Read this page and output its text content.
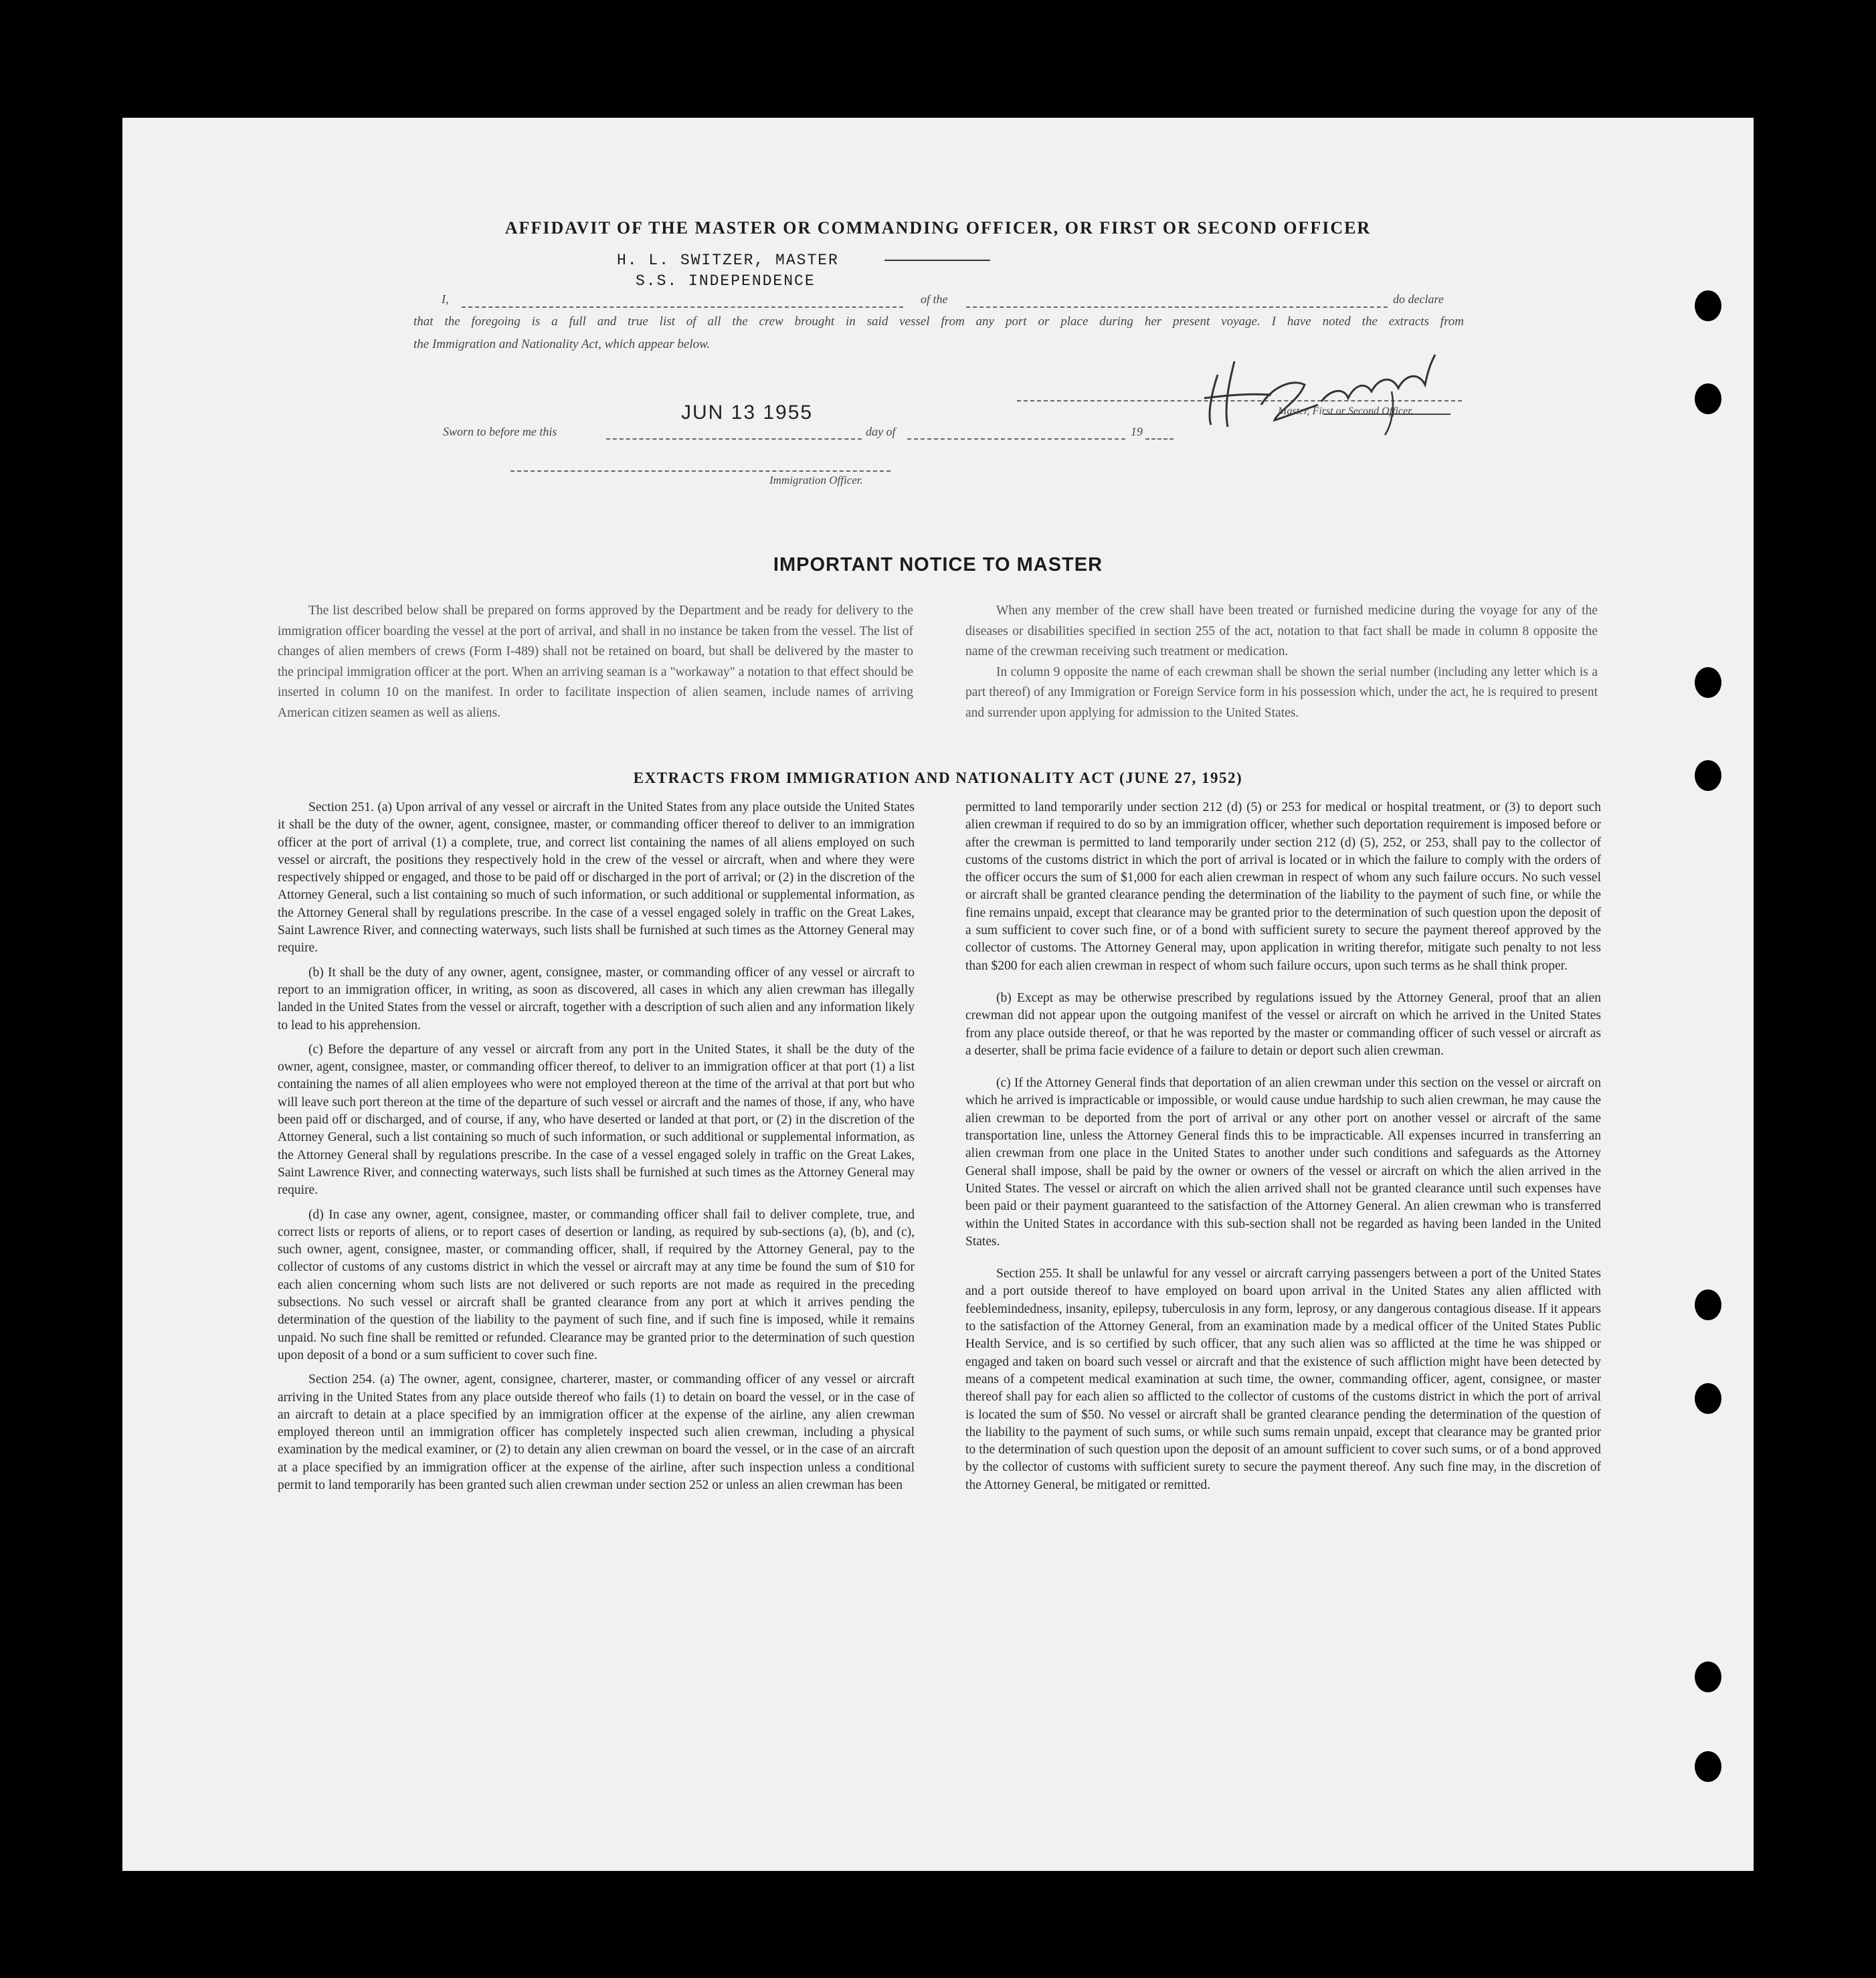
AFFIDAVIT OF THE MASTER OR COMMANDING OFFICER, OR FIRST OR SECOND OFFICER
H. L. SWITZER, MASTER
S.S. INDEPENDENCE
I,	of the	do declare
that the foregoing is a full and true list of all the crew brought in said vessel from any port or place during her present voyage. I have noted the extracts from
the Immigration and Nationality Act, which appear below.
Master, First or Second Officer.
JUN 13 1955
Sworn to before me this	day of	19
Immigration Officer.
IMPORTANT NOTICE TO MASTER

The list described below shall be prepared on forms approved by the Department and be ready for delivery to the immigration officer boarding the vessel at the port of arrival, and shall in no instance be taken from the vessel. The list of changes of alien members of crews (Form I-489) shall not be retained on board, but shall be delivered by the master to the principal immigration officer at the port. When an arriving seaman is a "workaway" a notation to that effect should be inserted in column 10 on the manifest. In order to facilitate inspection of alien seamen, include names of arriving American citizen seamen as well as aliens.

When any member of the crew shall have been treated or furnished medicine during the voyage for any of the diseases or disabilities specified in section 255 of the act, notation to that fact shall be made in column 8 opposite the name of the crewman receiving such treatment or medication.

In column 9 opposite the name of each crewman shall be shown the serial number (including any letter which is a part thereof) of any Immigration or Foreign Service form in his possession which, under the act, he is required to present and surrender upon applying for admission to the United States.

EXTRACTS FROM IMMIGRATION AND NATIONALITY ACT (JUNE 27, 1952)

Section 251. (a) Upon arrival of any vessel or aircraft in the United States from any place outside the United States it shall be the duty of the owner, agent, consignee, master, or commanding officer thereof to deliver to an immigration officer at the port of arrival (1) a complete, true, and correct list containing the names of all aliens employed on such vessel or aircraft, the positions they respectively hold in the crew of the vessel or aircraft, when and where they were respectively shipped or engaged, and those to be paid off or discharged in the port of arrival; or (2) in the discretion of the Attorney General, such a list containing so much of such information, or such additional or supplemental information, as the Attorney General shall by regulations prescribe. In the case of a vessel engaged solely in traffic on the Great Lakes, Saint Lawrence River, and connecting waterways, such lists shall be furnished at such times as the Attorney General may require.

(b) It shall be the duty of any owner, agent, consignee, master, or commanding officer of any vessel or aircraft to report to an immigration officer, in writing, as soon as discovered, all cases in which any alien crewman has illegally landed in the United States from the vessel or aircraft, together with a description of such alien and any information likely to lead to his apprehension.

(c) Before the departure of any vessel or aircraft from any port in the United States, it shall be the duty of the owner, agent, consignee, master, or commanding officer thereof, to deliver to an immigration officer at that port (1) a list containing the names of all alien employees who were not employed thereon at the time of the arrival at that port but who will leave such port thereon at the time of the departure of such vessel or aircraft and the names of those, if any, who have been paid off or discharged, and of course, if any, who have deserted or landed at that port, or (2) in the discretion of the Attorney General, such a list containing so much of such information, or such additional or supplemental information, as the Attorney General shall by regulations prescribe. In the case of a vessel engaged solely in traffic on the Great Lakes, Saint Lawrence River, and connecting waterways, such lists shall be furnished at such times as the Attorney General may require.

(d) In case any owner, agent, consignee, master, or commanding officer shall fail to deliver complete, true, and correct lists or reports of aliens, or to report cases of desertion or landing, as required by sub-sections (a), (b), and (c), such owner, agent, consignee, master, or commanding officer, shall, if required by the Attorney General, pay to the collector of customs of any customs district in which the vessel or aircraft may at any time be found the sum of $10 for each alien concerning whom such lists are not delivered or such reports are not made as required in the preceding subsections. No such vessel or aircraft shall be granted clearance from any port at which it arrives pending the determination of the question of the liability to the payment of such fine, and if such fine is imposed, while it remains unpaid. No such fine shall be remitted or refunded. Clearance may be granted prior to the determination of such question upon deposit of a bond or a sum sufficient to cover such fine.

Section 254. (a) The owner, agent, consignee, charterer, master, or commanding officer of any vessel or aircraft arriving in the United States from any place outside thereof who fails (1) to detain on board the vessel, or in the case of an aircraft to detain at a place specified by an immigration officer at the expense of the airline, any alien crewman employed thereon until an immigration officer has completely inspected such alien crewman, including a physical examination by the medical examiner, or (2) to detain any alien crewman on board the vessel, or in the case of an aircraft at a place specified by an immigration officer at the expense of the airline, after such inspection unless a conditional permit to land temporarily has been granted such alien crewman under section 252 or unless an alien crewman has been

permitted to land temporarily under section 212 (d) (5) or 253 for medical or hospital treatment, or (3) to deport such alien crewman if required to do so by an immigration officer, whether such deportation requirement is imposed before or after the crewman is permitted to land temporarily under section 212 (d) (5), 252, or 253, shall pay to the collector of customs of the customs district in which the port of arrival is located or in which the failure to comply with the orders of the officer occurs the sum of $1,000 for each alien crewman in respect of whom any such failure occurs. No such vessel or aircraft shall be granted clearance pending the determination of the liability to the payment of such fine, or while the fine remains unpaid, except that clearance may be granted prior to the determination of such question upon the deposit of a sum sufficient to cover such fine, or of a bond with sufficient surety to secure the payment thereof approved by the collector of customs. The Attorney General may, upon application in writing therefor, mitigate such penalty to not less than $200 for each alien crewman in respect of whom such failure occurs, upon such terms as he shall think proper.

(b) Except as may be otherwise prescribed by regulations issued by the Attorney General, proof that an alien crewman did not appear upon the outgoing manifest of the vessel or aircraft on which he arrived in the United States from any place outside thereof, or that he was reported by the master or commanding officer of such vessel or aircraft as a deserter, shall be prima facie evidence of a failure to detain or deport such alien crewman.

(c) If the Attorney General finds that deportation of an alien crewman under this section on the vessel or aircraft on which he arrived is impracticable or impossible, or would cause undue hardship to such alien crewman, he may cause the alien crewman to be deported from the port of arrival or any other port on another vessel or aircraft of the same transportation line, unless the Attorney General finds this to be impracticable. All expenses incurred in transferring an alien crewman from one place in the United States to another under such conditions and safeguards as the Attorney General shall impose, shall be paid by the owner or owners of the vessel or aircraft on which the alien arrived in the United States. The vessel or aircraft on which the alien arrived shall not be granted clearance until such expenses have been paid or their payment guaranteed to the satisfaction of the Attorney General. An alien crewman who is transferred within the United States in accordance with this sub-section shall not be regarded as having been landed in the United States.

Section 255. It shall be unlawful for any vessel or aircraft carrying passengers between a port of the United States and a port outside thereof to have employed on board upon arrival in the United States any alien afflicted with feeblemindedness, insanity, epilepsy, tuberculosis in any form, leprosy, or any dangerous contagious disease. If it appears to the satisfaction of the Attorney General, from an examination made by a medical officer of the United States Public Health Service, and is so certified by such officer, that any such alien was so afflicted at the time he was shipped or engaged and taken on board such vessel or aircraft and that the existence of such affliction might have been detected by means of a competent medical examination at such time, the owner, commanding officer, agent, consignee, or master thereof shall pay for each alien so afflicted to the collector of customs of the customs district in which the port of arrival is located the sum of $50. No vessel or aircraft shall be granted clearance pending the determination of the question of the liability to the payment of such sums, or while such sums remain unpaid, except that clearance may be granted prior to the determination of such question upon the deposit of an amount sufficient to cover such sums, or of a bond approved by the collector of customs with sufficient surety to secure the payment thereof. Any such fine may, in the discretion of the Attorney General, be mitigated or remitted.
